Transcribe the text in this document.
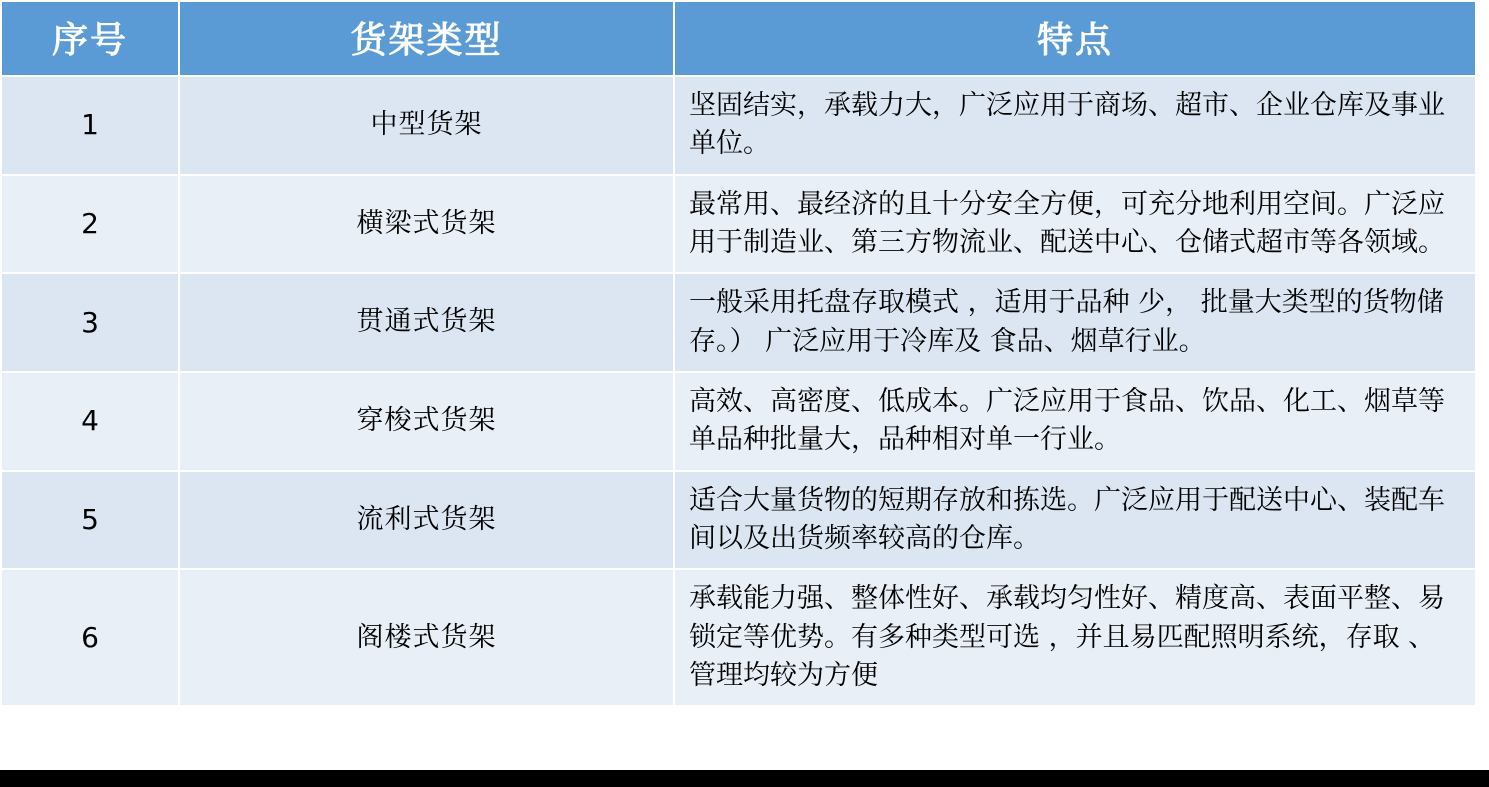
序号	货架类型	特点
1	中型货架	坚固结实，承载力大，广泛应用于商场、超市、企业仓库及事业单位。
2	横梁式货架	最常用、最经济的且十分安全方便，可充分地利用空间。广泛应用于制造业、第三方物流业、配送中心、仓储式超市等各领域。
3	贯通式货架	一般采用托盘存取模式 ，适用于品种 少， 批量大类型的货物储存。） 广泛应用于冷库及 食品、烟草行业。
4	穿梭式货架	高效、高密度、低成本。广泛应用于食品、饮品、化工、烟草等单品种批量大，品种相对单一行业。
5	流利式货架	适合大量货物的短期存放和拣选。广泛应用于配送中心、装配车间以及出货频率较高的仓库。
6	阁楼式货架	承载能力强、整体性好、承载均匀性好、精度高、表面平整、易锁定等优势。有多种类型可选 ，并且易匹配照明系统，存取 、管理均较为方便
